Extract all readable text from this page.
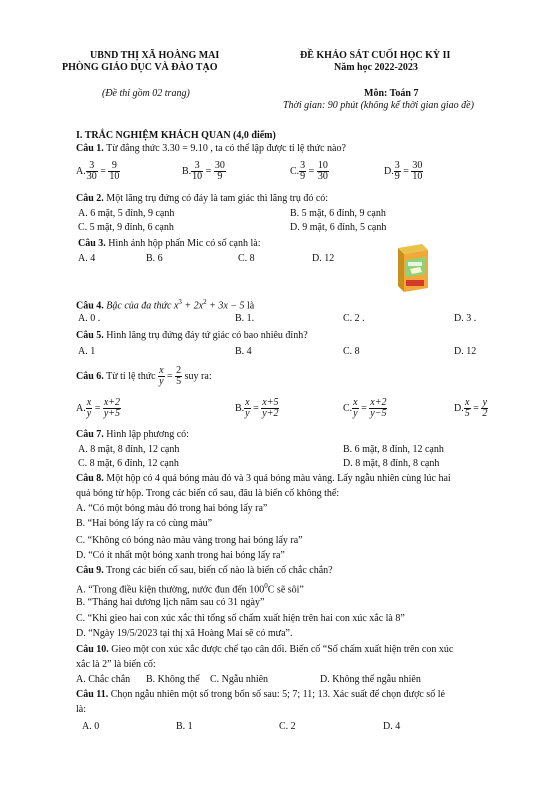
UBND THỊ XÃ HOÀNG MAI
PHÒNG GIÁO DỤC VÀ ĐÀO TẠO
(Đề thi gồm 02 trang)
ĐỀ KHẢO SÁT CUỐI HỌC KỲ II
Năm học 2022-2023
Môn: Toán 7
Thời gian: 90 phút (không kể thời gian giao đề)
I. TRẮC NGHIỆM KHÁCH QUAN (4,0 điểm)
Câu 1. Từ đẳng thức 3.30 = 9.10 , ta có thể lập được tỉ lệ thức nào?
A. $\frac{3}{30} = \frac{9}{10}$	B. $\frac{3}{10} = \frac{30}{9}$	C. $\frac{3}{9} = \frac{10}{30}$	D. $\frac{3}{9} = \frac{30}{10}$
Câu 2. Một lăng trụ đứng có đáy là tam giác thì lăng trụ đó có:
A. 6 mặt, 5 đỉnh, 9 cạnh	B. 5 mặt, 6 đỉnh, 9 cạnh
C. 5 mặt, 9 đỉnh, 6 cạnh	D. 9 mặt, 6 đỉnh, 5 cạnh
Câu 3. Hình ảnh hộp phấn Mic có số cạnh là:
A. 4	B. 6	C. 8	D. 12
Câu 4. Bậc của đa thức $x^3 + 2x^2 + 3x - 5$ là
A. 0 .	B. 1.	C. 2 .	D. 3 .
Câu 5. Hình lăng trụ đứng đáy tứ giác có bao nhiêu đỉnh?
A. 1	B. 4	C. 8	D. 12
Câu 6. Từ tỉ lệ thức $\frac{x}{y} = \frac{2}{5}$ suy ra:
A. $\frac{x}{y} = \frac{x+2}{y+5}$	B. $\frac{x}{y} = \frac{x+5}{y+2}$	C. $\frac{x}{y} = \frac{x+2}{y-5}$	D. $\frac{x}{5} = \frac{y}{2}$
Câu 7. Hình lập phương có:
A. 8 mặt, 8 đỉnh, 12 cạnh	B. 6 mặt, 8 đỉnh, 12 cạnh
C. 8 mặt, 6 đỉnh, 12 cạnh	D. 8 mặt, 8 đỉnh, 8 cạnh
Câu 8. Một hộp có 4 quả bóng màu đỏ và 3 quả bóng màu vàng. Lấy ngẫu nhiên cùng lúc hai
quả bóng từ hộp. Trong các biến cố sau, đâu là biến cố không thể:
A. “Có một bóng màu đỏ trong hai bóng lấy ra”
B. “Hai bóng lấy ra có cùng màu”
C. “Không có bóng nào màu vàng trong hai bóng lấy ra”
D. “Có ít nhất một bóng xanh trong hai bóng lấy ra”
Câu 9. Trong các biến cố sau, biến cố nào là biến cố chắc chắn?
A. “Trong điều kiện thường, nước đun đến $100^0C$ sẽ sôi”
B. “Tháng hai dương lịch năm sau có 31 ngày”
C. “Khi gieo hai con xúc xắc thì tổng số chấm xuất hiện trên hai con xúc xắc là 8”
D. “Ngày 19/5/2023 tại thị xã Hoàng Mai sẽ có mưa”.
Câu 10. Gieo một con xúc xắc được chế tạo cân đối. Biến cố “Số chấm xuất hiện trên con xúc
xắc là 2” là biến cố:
A. Chắc chắn B. Không thể C. Ngẫu nhiên	D. Không thể ngẫu nhiên
Câu 11. Chọn ngẫu nhiên một số trong bốn số sau: 5; 7; 11; 13. Xác suất để chọn được số lẻ
là:
A. 0	B. 1	C. 2	D. 4
